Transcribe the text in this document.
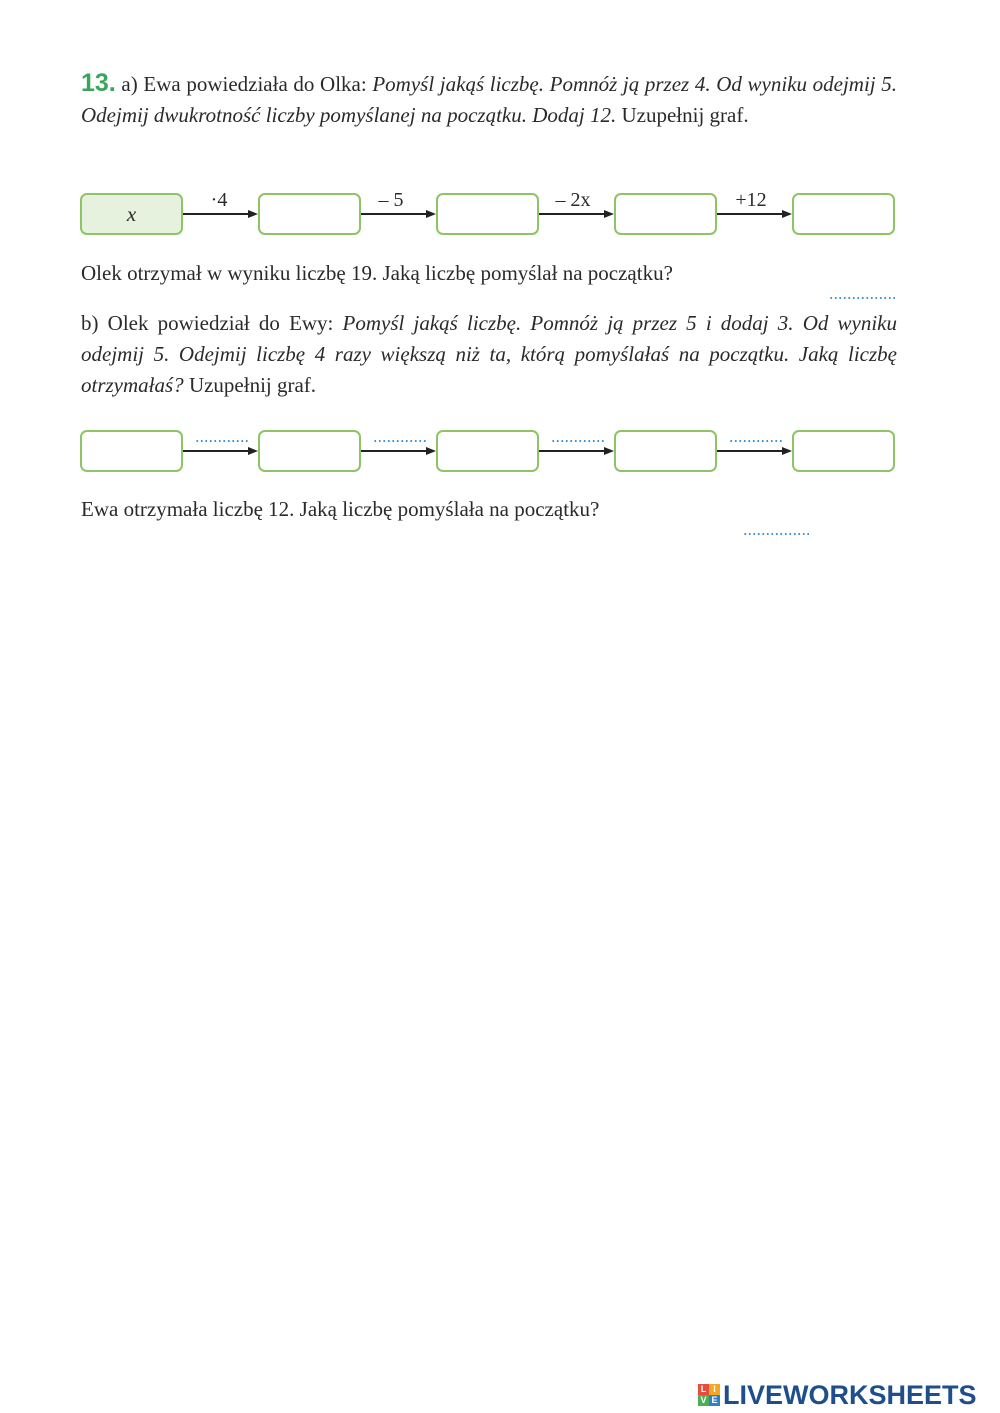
13. a) Ewa powiedziała do Olka: Pomyśl jakąś liczbę. Pomnóż ją przez 4. Od wyniku odejmij 5. Odejmij dwukrotność liczby pomyślanej na początku. Dodaj 12. Uzupełnij graf.
x
·4	– 5	– 2x	+12
Olek otrzymał w wyniku liczbę 19. Jaką liczbę pomyślał na początku?
b) Olek powiedział do Ewy: Pomyśl jakąś liczbę. Pomnóż ją przez 5 i dodaj 3. Od wyniku odejmij 5. Odejmij liczbę 4 razy większą niż ta, którą pomyślałaś na początku. Jaką liczbę otrzymałaś? Uzupełnij graf.
Ewa otrzymała liczbę 12. Jaką liczbę pomyślała na początku?
L I
V E LIVEWORKSHEETS
